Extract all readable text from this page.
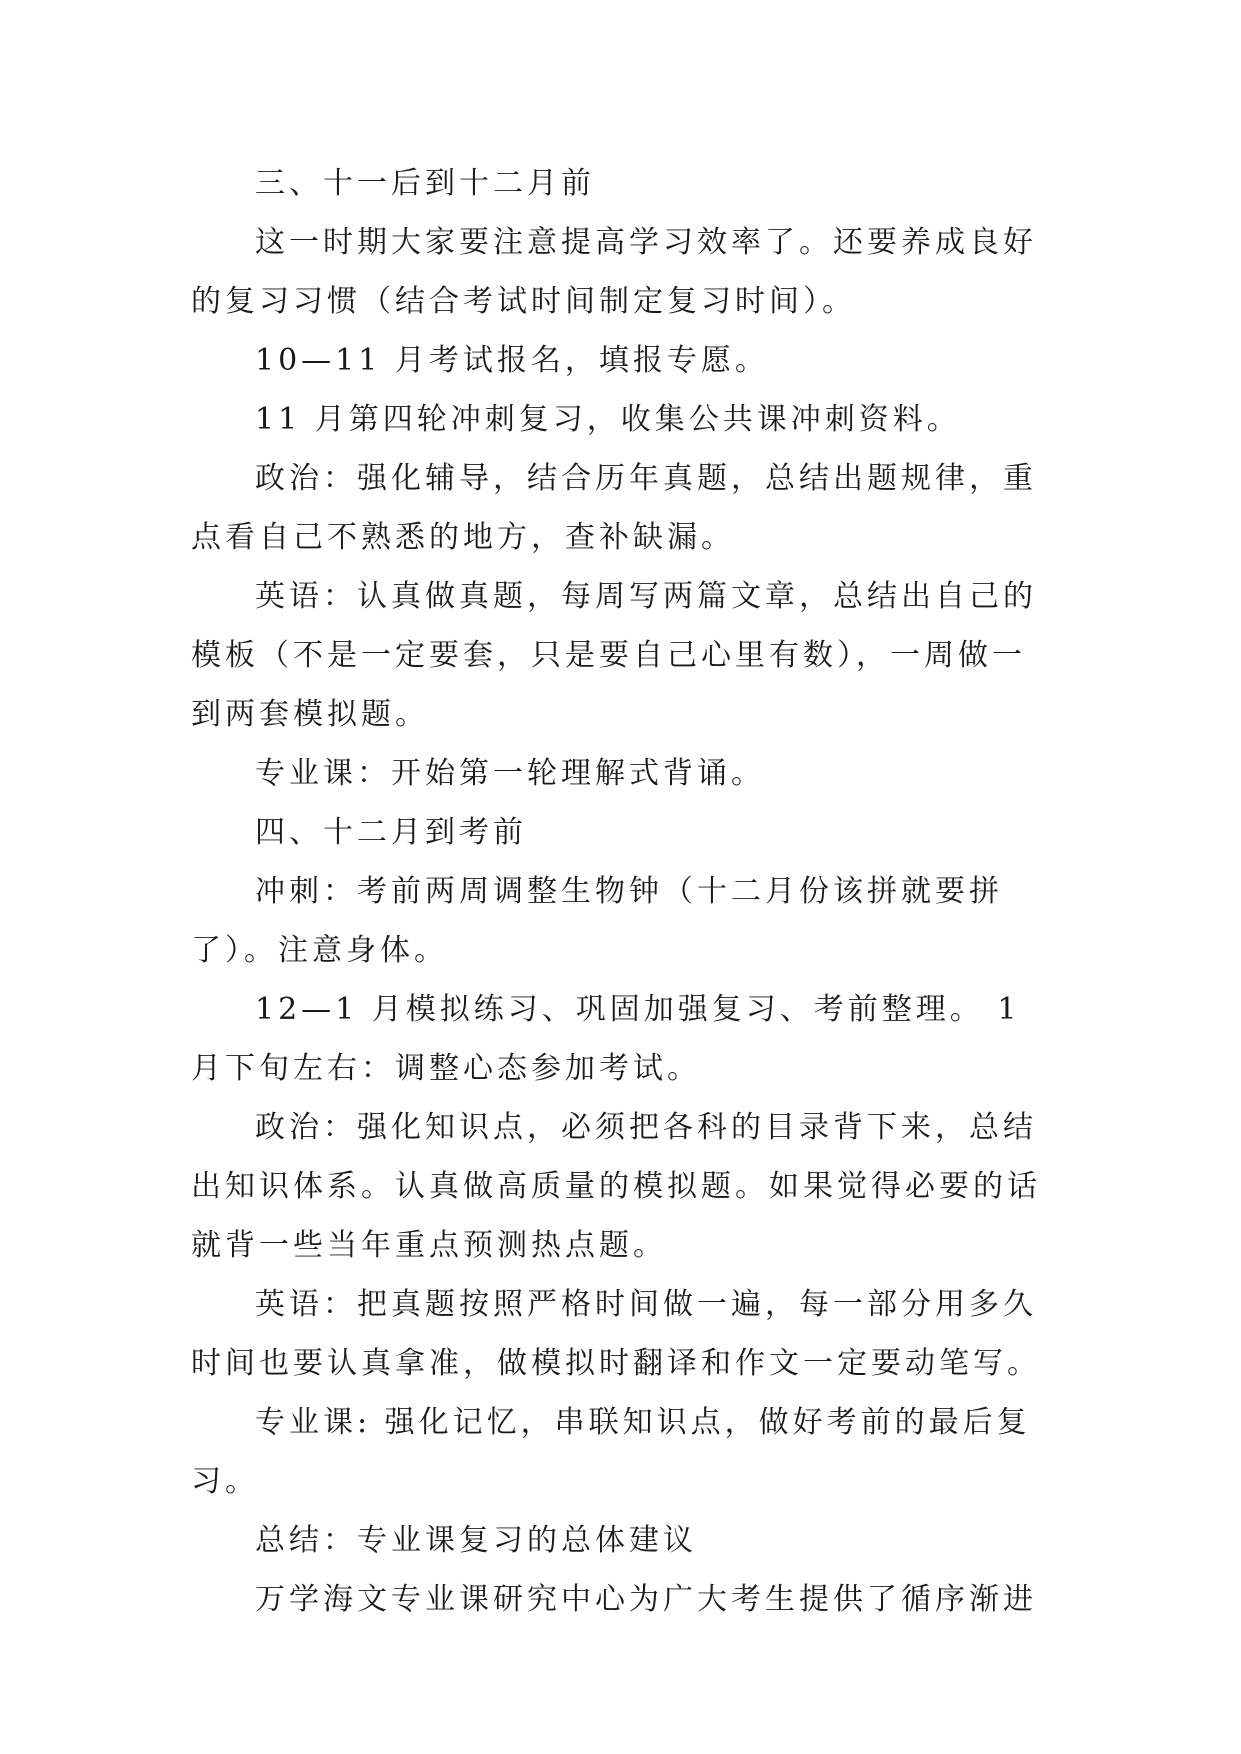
三、十一后到十二月前

这一时期大家要注意提高学习效率了。还要养成良好的复习习惯（结合考试时间制定复习时间）。

10—11 月考试报名，填报专愿。

11 月第四轮冲刺复习，收集公共课冲刺资料。

政治：强化辅导，结合历年真题，总结出题规律，重点看自己不熟悉的地方，查补缺漏。

英语：认真做真题，每周写两篇文章，总结出自己的模板（不是一定要套，只是要自己心里有数），一周做一到两套模拟题。

专业课：开始第一轮理解式背诵。

四、十二月到考前

冲刺：考前两周调整生物钟（十二月份该拼就要拼了）。注意身体。

12—1 月模拟练习、巩固加强复习、考前整理。 1 月下旬左右：调整心态参加考试。

政治：强化知识点，必须把各科的目录背下来，总结出知识体系。认真做高质量的模拟题。如果觉得必要的话就背一些当年重点预测热点题。

英语：把真题按照严格时间做一遍，每一部分用多久时间也要认真拿准，做模拟时翻译和作文一定要动笔写。

专业课: 强化记忆，串联知识点，做好考前的最后复习。

总结：专业课复习的总体建议

万学海文专业课研究中心为广大考生提供了循序渐进
